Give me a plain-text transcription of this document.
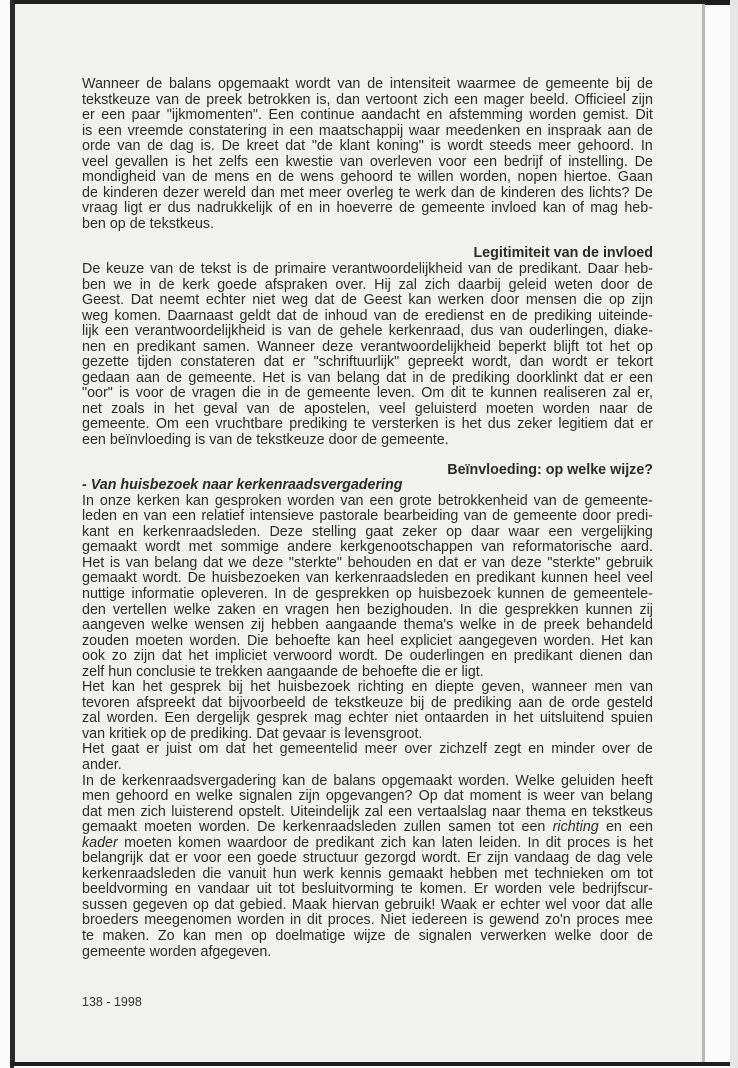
Wanneer de balans opgemaakt wordt van de intensiteit waarmee de gemeente bij de
tekstkeuze van de preek betrokken is, dan vertoont zich een mager beeld. Officieel zijn
er een paar "ijkmomenten". Een continue aandacht en afstemming worden gemist. Dit
is een vreemde constatering in een maatschappij waar meedenken en inspraak aan de
orde van de dag is. De kreet dat "de klant koning" is wordt steeds meer gehoord. In
veel gevallen is het zelfs een kwestie van overleven voor een bedrijf of instelling. De
mondigheid van de mens en de wens gehoord te willen worden, nopen hiertoe. Gaan
de kinderen dezer wereld dan met meer overleg te werk dan de kinderen des lichts? De
vraag ligt er dus nadrukkelijk of en in hoeverre de gemeente invloed kan of mag heb-
ben op de tekstkeus.
Legitimiteit van de invloed
De keuze van de tekst is de primaire verantwoordelijkheid van de predikant. Daar heb-
ben we in de kerk goede afspraken over. Hij zal zich daarbij geleid weten door de
Geest. Dat neemt echter niet weg dat de Geest kan werken door mensen die op zijn
weg komen. Daarnaast geldt dat de inhoud van de eredienst en de prediking uiteinde-
lijk een verantwoordelijkheid is van de gehele kerkenraad, dus van ouderlingen, diake-
nen en predikant samen. Wanneer deze verantwoordelijkheid beperkt blijft tot het op
gezette tijden constateren dat er "schriftuurlijk" gepreekt wordt, dan wordt er tekort
gedaan aan de gemeente. Het is van belang dat in de prediking doorklinkt dat er een
"oor" is voor de vragen die in de gemeente leven. Om dit te kunnen realiseren zal er,
net zoals in het geval van de apostelen, veel geluisterd moeten worden naar de
gemeente. Om een vruchtbare prediking te versterken is het dus zeker legitiem dat er
een beïnvloeding is van de tekstkeuze door de gemeente.
Beïnvloeding: op welke wijze?
- Van huisbezoek naar kerkenraadsvergadering
In onze kerken kan gesproken worden van een grote betrokkenheid van de gemeente-
leden en van een relatief intensieve pastorale bearbeiding van de gemeente door predi-
kant en kerkenraadsleden. Deze stelling gaat zeker op daar waar een vergelijking
gemaakt wordt met sommige andere kerkgenootschappen van reformatorische aard.
Het is van belang dat we deze "sterkte" behouden en dat er van deze "sterkte" gebruik
gemaakt wordt. De huisbezoeken van kerkenraadsleden en predikant kunnen heel veel
nuttige informatie opleveren. In de gesprekken op huisbezoek kunnen de gemeentele-
den vertellen welke zaken en vragen hen bezighouden. In die gesprekken kunnen zij
aangeven welke wensen zij hebben aangaande thema's welke in de preek behandeld
zouden moeten worden. Die behoefte kan heel expliciet aangegeven worden. Het kan
ook zo zijn dat het impliciet verwoord wordt. De ouderlingen en predikant dienen dan
zelf hun conclusie te trekken aangaande de behoefte die er ligt.
Het kan het gesprek bij het huisbezoek richting en diepte geven, wanneer men van
tevoren afspreekt dat bijvoorbeeld de tekstkeuze bij de prediking aan de orde gesteld
zal worden. Een dergelijk gesprek mag echter niet ontaarden in het uitsluitend spuien
van kritiek op de prediking. Dat gevaar is levensgroot.
Het gaat er juist om dat het gemeentelid meer over zichzelf zegt en minder over de
ander.
In de kerkenraadsvergadering kan de balans opgemaakt worden. Welke geluiden heeft
men gehoord en welke signalen zijn opgevangen? Op dat moment is weer van belang
dat men zich luisterend opstelt. Uiteindelijk zal een vertaalslag naar thema en tekstkeus
gemaakt moeten worden. De kerkenraadsleden zullen samen tot een richting en een
kader moeten komen waardoor de predikant zich kan laten leiden. In dit proces is het
belangrijk dat er voor een goede structuur gezorgd wordt. Er zijn vandaag de dag vele
kerkenraadsleden die vanuit hun werk kennis gemaakt hebben met technieken om tot
beeldvorming en vandaar uit tot besluitvorming te komen. Er worden vele bedrijfscur-
sussen gegeven op dat gebied. Maak hiervan gebruik! Waak er echter wel voor dat alle
broeders meegenomen worden in dit proces. Niet iedereen is gewend zo'n proces mee
te maken. Zo kan men op doelmatige wijze de signalen verwerken welke door de
gemeente worden afgegeven.
138 - 1998
